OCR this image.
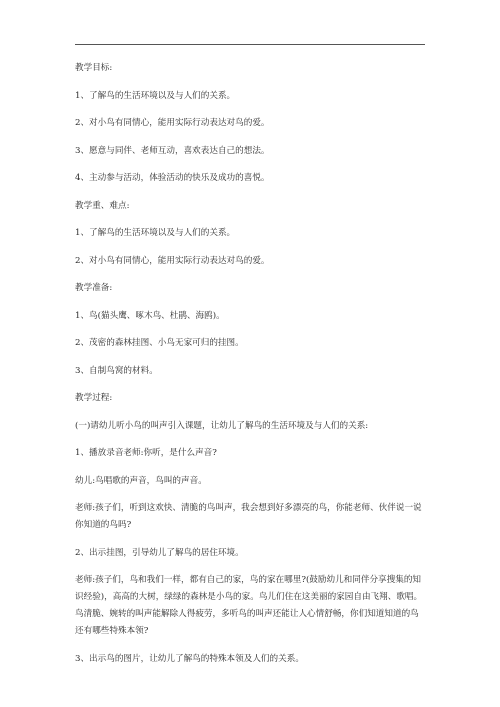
教学目标:

1、了解鸟的生活环境以及与人们的关系。

2、对小鸟有同情心，能用实际行动表达对鸟的爱。

3、愿意与同伴、老师互动，喜欢表达自己的想法。

4、主动参与活动，体验活动的快乐及成功的喜悦。

教学重、难点:

1、了解鸟的生活环境以及与人们的关系。

2、对小鸟有同情心，能用实际行动表达对鸟的爱。

教学准备:

1、鸟(猫头鹰、啄木鸟、杜鹃、海鸥)。

2、茂密的森林挂图、小鸟无家可归的挂图。

3、自制鸟窝的材料。

教学过程:

(一)请幼儿听小鸟的叫声引入课题，让幼儿了解鸟的生活环境及与人们的关系:

1、播放录音老师:你听，是什么声音?

幼儿:鸟唱歌的声音，鸟叫的声音。

老师:孩子们，听到这欢快、清脆的鸟叫声，我会想到好多漂亮的鸟，你能老师、伙伴说一说你知道的鸟吗?

2、出示挂图，引导幼儿了解鸟的居住环境。

老师:孩子们，鸟和我们一样，都有自己的家，鸟的家在哪里?(鼓励幼儿和同伴分享搜集的知识经验)，高高的大树，绿绿的森林是小鸟的家。鸟儿们住在这美丽的家园自由飞翔、歌唱。鸟清脆、婉转的叫声能解除人得疲劳，多听鸟的叫声还能让人心情舒畅，你们知道知道的鸟还有哪些特殊本领?

3、出示鸟的图片，让幼儿了解鸟的特殊本领及人们的关系。
